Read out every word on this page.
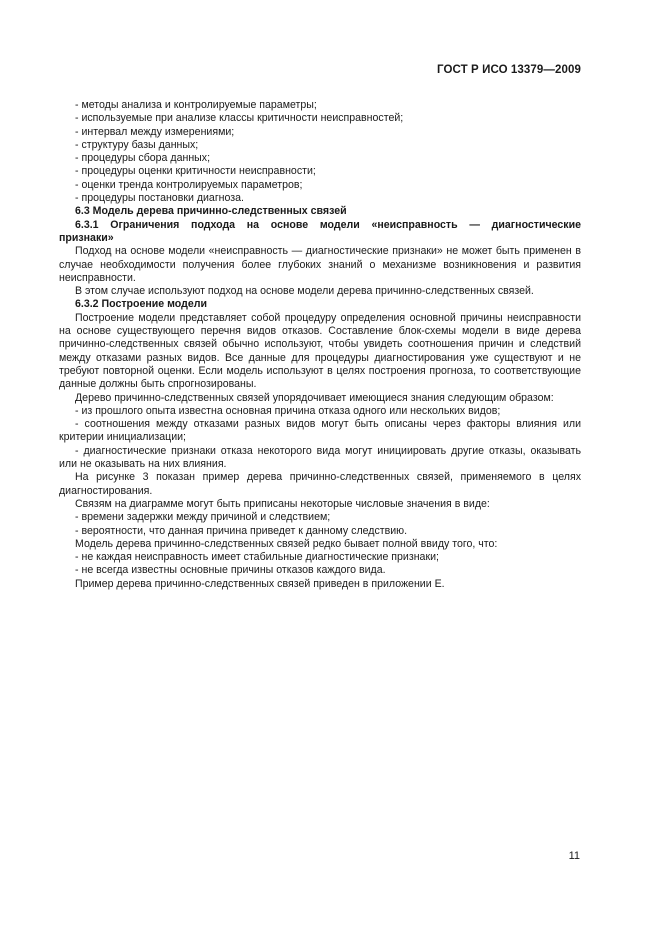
ГОСТ Р ИСО 13379—2009
- методы анализа и контролируемые параметры;
- используемые при анализе классы критичности неисправностей;
- интервал между измерениями;
- структуру базы данных;
- процедуры сбора данных;
- процедуры оценки критичности неисправности;
- оценки тренда контролируемых параметров;
- процедуры постановки диагноза.
6.3 Модель дерева причинно-следственных связей
6.3.1 Ограничения подхода на основе модели «неисправность — диагностические признаки»
Подход на основе модели «неисправность — диагностические признаки» не может быть применен в случае необходимости получения более глубоких знаний о механизме возникновения и развития неисправности.
В этом случае используют подход на основе модели дерева причинно-следственных связей.
6.3.2 Построение модели
Построение модели представляет собой процедуру определения основной причины неисправности на основе существующего перечня видов отказов. Составление блок-схемы модели в виде дерева причинно-следственных связей обычно используют, чтобы увидеть соотношения причин и следствий между отказами разных видов. Все данные для процедуры диагностирования уже существуют и не требуют повторной оценки. Если модель используют в целях построения прогноза, то соответствующие данные должны быть спрогнозированы.
Дерево причинно-следственных связей упорядочивает имеющиеся знания следующим образом:
- из прошлого опыта известна основная причина отказа одного или нескольких видов;
- соотношения между отказами разных видов могут быть описаны через факторы влияния или критерии инициализации;
- диагностические признаки отказа некоторого вида могут инициировать другие отказы, оказывать или не оказывать на них влияния.
На рисунке 3 показан пример дерева причинно-следственных связей, применяемого в целях диагностирования.
Связям на диаграмме могут быть приписаны некоторые числовые значения в виде:
- времени задержки между причиной и следствием;
- вероятности, что данная причина приведет к данному следствию.
Модель дерева причинно-следственных связей редко бывает полной ввиду того, что:
- не каждая неисправность имеет стабильные диагностические признаки;
- не всегда известны основные причины отказов каждого вида.
Пример дерева причинно-следственных связей приведен в приложении Е.
11
